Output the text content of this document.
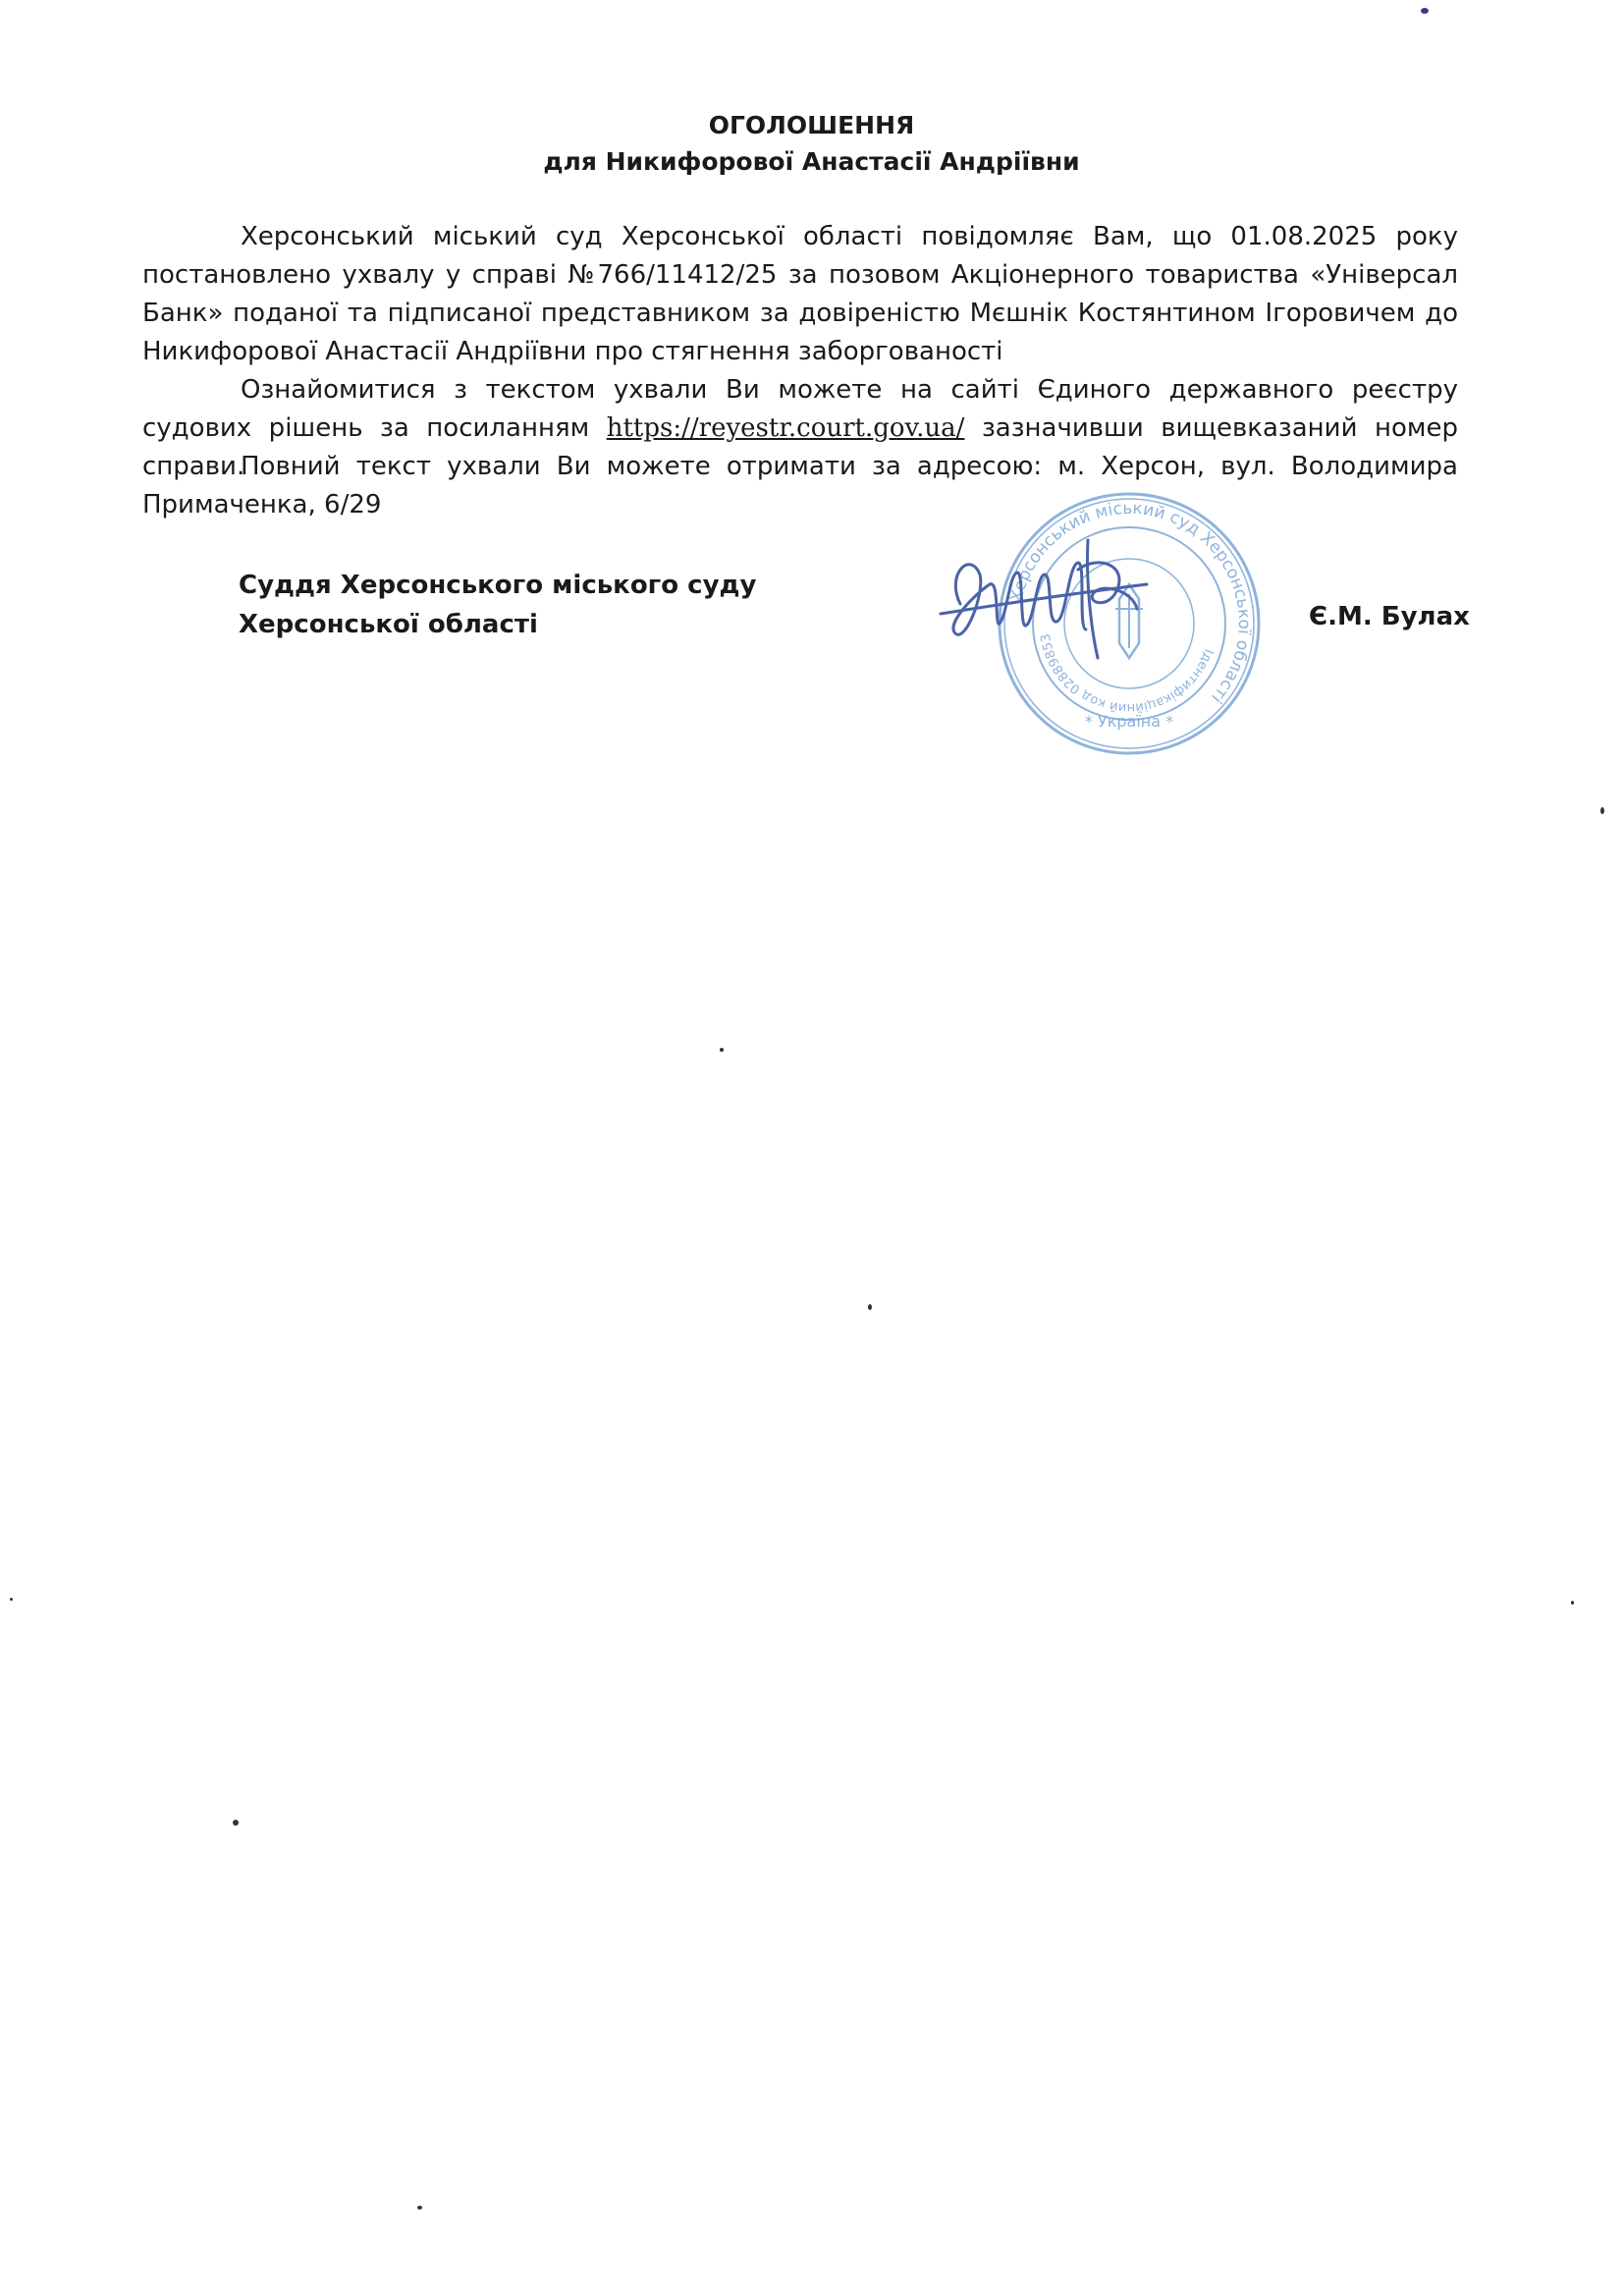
ОГОЛОШЕННЯ
для Никифорової Анастасії Андріївни

Херсонський міський суд Херсонської області повідомляє Вам, що 01.08.2025 року постановлено ухвалу у справі №766/11412/25 за позовом Акціонерного товариства «Універсал Банк» поданої та підписаної представником за довіреністю Мєшнік Костянтином Ігоровичем до Никифорової Анастасії Андріївни про стягнення заборгованості

Ознайомитися з текстом ухвали Ви можете на сайті Єдиного державного реєстру судових рішень за посиланням https://reyestr.court.gov.ua/ зазначивши вищевказаний номер справи.

Повний текст ухвали Ви можете отримати за адресою: м. Херсон, вул. Володимира Примаченка, 6/29

Суддя Херсонського міського суду
Херсонської області
Херсонський міський суд Херсонської області
Ідентифікаційний код 02889853
* Україна *
Є.М. Булах
